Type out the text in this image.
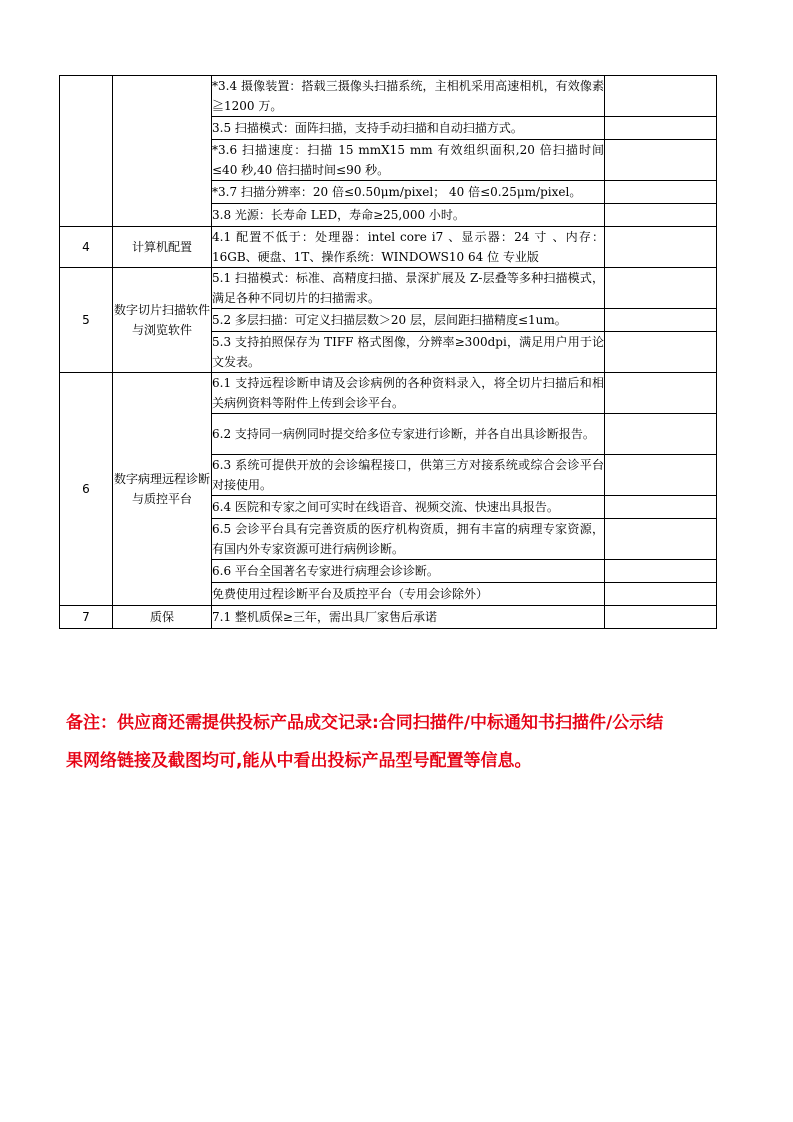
		*3.4 摄像装置：搭载三摄像头扫描系统，主相机采用高速相机，有效像素≧1200 万。	
		3.5 扫描模式：面阵扫描，支持手动扫描和自动扫描方式。	
		*3.6 扫描速度：扫描 15 mmX15 mm 有效组织面积,20 倍扫描时间≤40 秒,40 倍扫描时间≤90 秒。	
		*3.7 扫描分辨率：20 倍≤0.50μm/pixel； 40 倍≤0.25μm/pixel。	
		3.8 光源：长寿命 LED，寿命≥25,000 小时。	
4	计算机配置	4.1 配置不低于：处理器：intel core i7 、显示器：24 寸 、内存：16GB、硬盘、1T、操作系统：WINDOWS10 64 位 专业版	
5	数字切片扫描软件与浏览软件	5.1 扫描模式：标准、高精度扫描、景深扩展及 Z-层叠等多种扫描模式，满足各种不同切片的扫描需求。	
		5.2 多层扫描：可定义扫描层数＞20 层，层间距扫描精度≤1um。	
		5.3 支持拍照保存为 TIFF 格式图像，分辨率≥300dpi，满足用户用于论文发表。	
6	数字病理远程诊断与质控平台	6.1 支持远程诊断申请及会诊病例的各种资料录入，将全切片扫描后和相关病例资料等附件上传到会诊平台。	
		6.2 支持同一病例同时提交给多位专家进行诊断，并各自出具诊断报告。	
		6.3 系统可提供开放的会诊编程接口，供第三方对接系统或综合会诊平台对接使用。	
		6.4 医院和专家之间可实时在线语音、视频交流、快速出具报告。	
		6.5 会诊平台具有完善资质的医疗机构资质，拥有丰富的病理专家资源，有国内外专家资源可进行病例诊断。	
		6.6 平台全国著名专家进行病理会诊诊断。	
		免费使用过程诊断平台及质控平台（专用会诊除外）	
7	质保	7.1 整机质保≥三年，需出具厂家售后承诺	

备注：供应商还需提供投标产品成交记录:合同扫描件/中标通知书扫描件/公示结

果网络链接及截图均可,能从中看出投标产品型号配置等信息。
